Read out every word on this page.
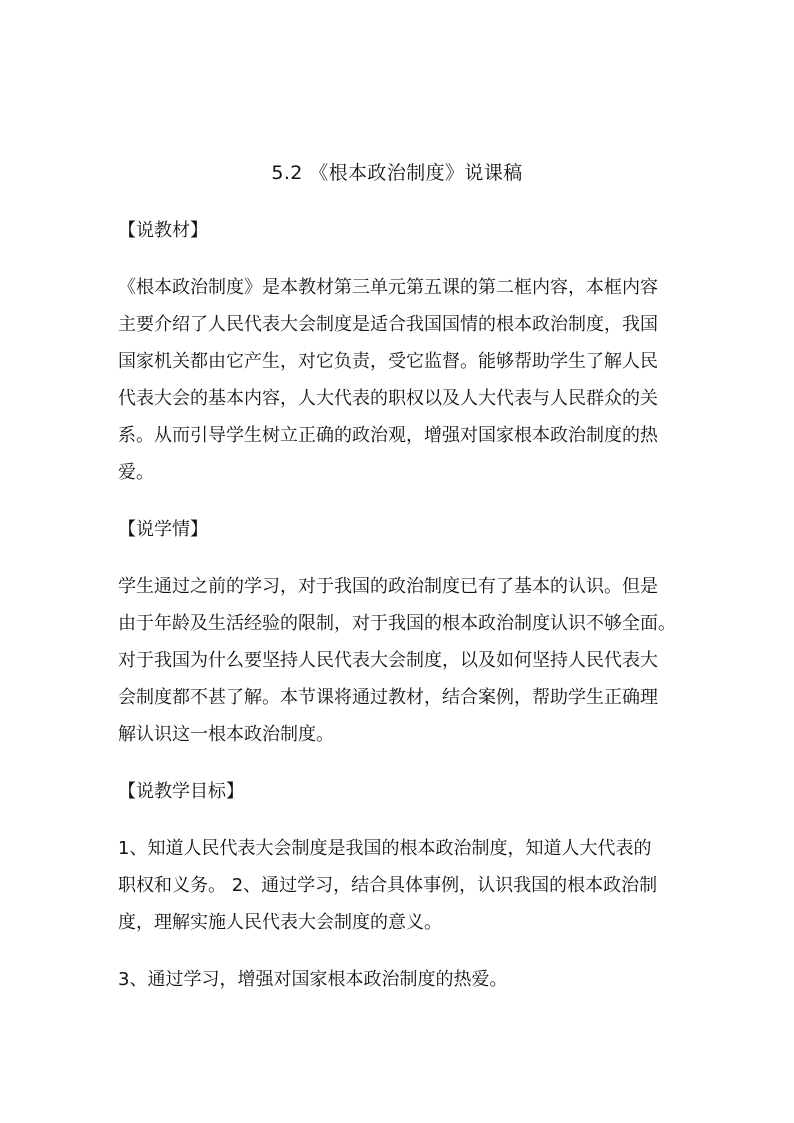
5.2 《根本政治制度》说课稿
【说教材】
《根本政治制度》是本教材第三单元第五课的第二框内容，本框内容
主要介绍了人民代表大会制度是适合我国国情的根本政治制度，我国
国家机关都由它产生，对它负责，受它监督。能够帮助学生了解人民
代表大会的基本内容，人大代表的职权以及人大代表与人民群众的关
系。从而引导学生树立正确的政治观，增强对国家根本政治制度的热
爱。
【说学情】
学生通过之前的学习，对于我国的政治制度已有了基本的认识。但是
由于年龄及生活经验的限制，对于我国的根本政治制度认识不够全面。
对于我国为什么要坚持人民代表大会制度，以及如何坚持人民代表大
会制度都不甚了解。本节课将通过教材，结合案例，帮助学生正确理
解认识这一根本政治制度。
【说教学目标】
1、知道人民代表大会制度是我国的根本政治制度，知道人大代表的
职权和义务。 2、通过学习，结合具体事例，认识我国的根本政治制
度，理解实施人民代表大会制度的意义。
3、通过学习，增强对国家根本政治制度的热爱。
